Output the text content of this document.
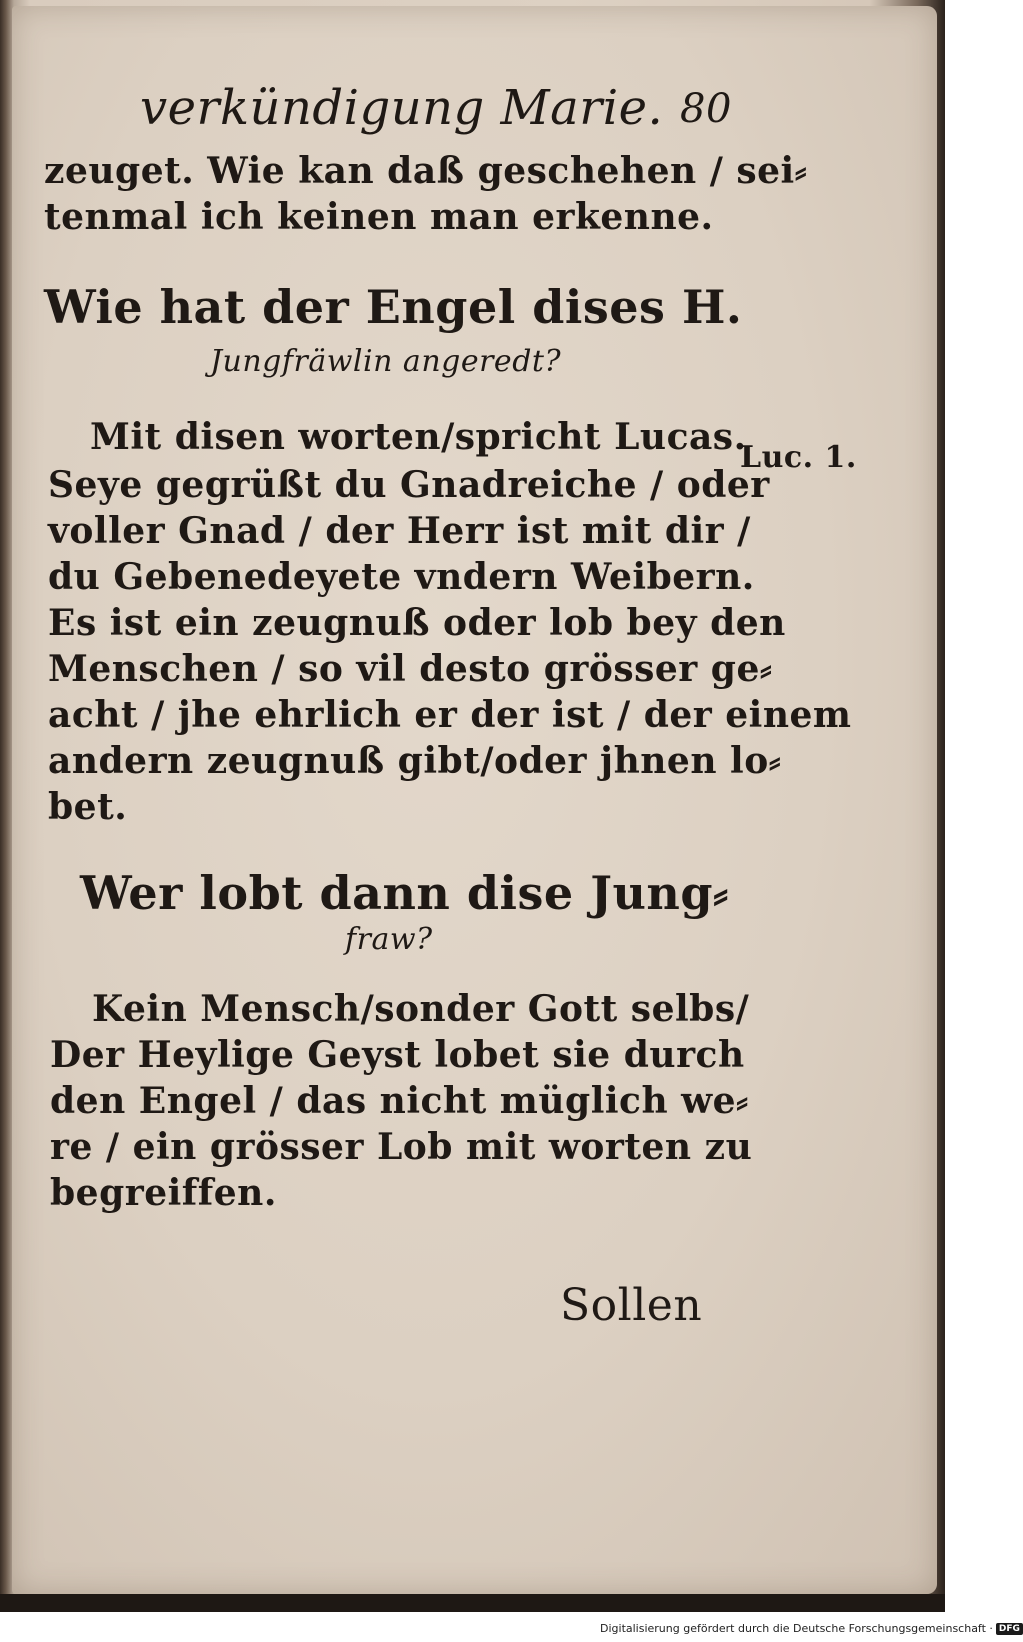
verkündigung Marie. 80
zeuget. Wie kan daß geschehen / sei⸗
tenmal ich keinen man erkenne.
Wie hat der Engel dises H.
Jungfräwlin angeredt?
Mit disen worten/spricht Lucas.
Seye gegrüßt du Gnadreiche / oder
voller Gnad / der Herr ist mit dir /
du Gebenedeyete vndern Weibern.
Es ist ein zeugnuß oder lob bey den
Menschen / so vil desto grösser ge⸗
acht / jhe ehrlich er der ist / der einem
andern zeugnuß gibt/oder jhnen lo⸗
bet.
Luc. 1.
Wer lobt dann dise Jung⸗
fraw?
Kein Mensch/sonder Gott selbs/
Der Heylige Geyst lobet sie durch
den Engel / das nicht müglich we⸗
re / ein grösser Lob mit worten zu
begreiffen.
Sollen
Digitalisierung gefördert durch die Deutsche Forschungsgemeinschaft · DFG
